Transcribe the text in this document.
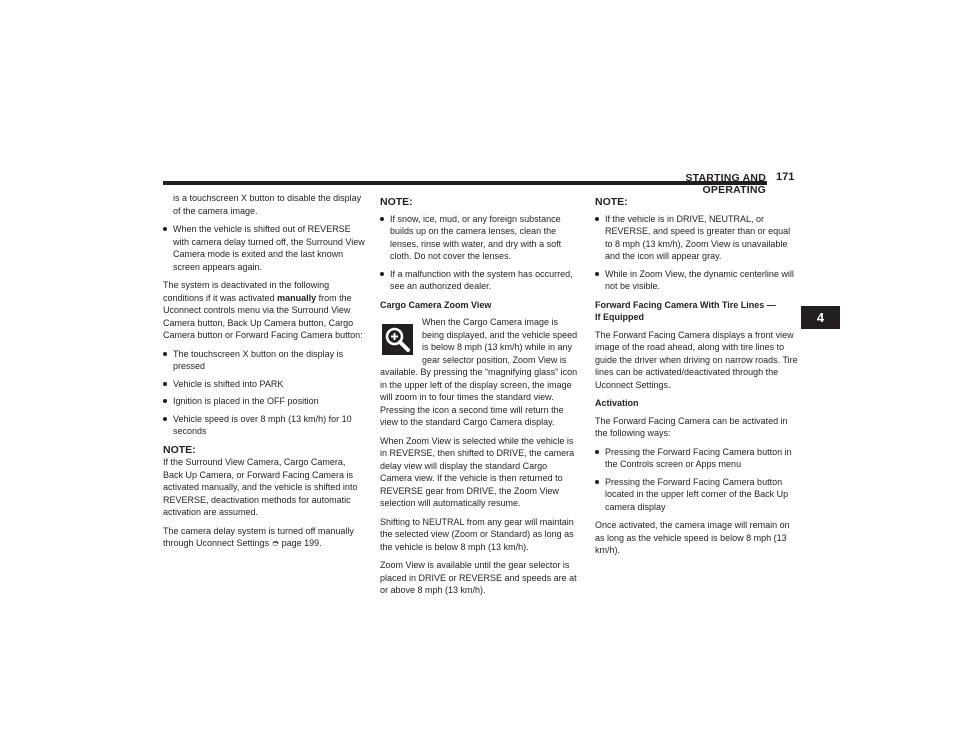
STARTING AND OPERATING
171
4

is a touchscreen X button to disable the display of the camera image.

When the vehicle is shifted out of REVERSE with camera delay turned off, the Surround View Camera mode is exited and the last known screen appears again.

The system is deactivated in the following conditions if it was activated manually from the Uconnect controls menu via the Surround View Camera button, Back Up Camera button, Cargo Camera button or Forward Facing Camera button:

The touchscreen X button on the display is pressed
Vehicle is shifted into PARK
Ignition is placed in the OFF position
Vehicle speed is over 8 mph (13 km/h) for 10 seconds
NOTE:

If the Surround View Camera, Cargo Camera, Back Up Camera, or Forward Facing Camera is activated manually, and the vehicle is shifted into REVERSE, deactivation methods for automatic activation are assumed.

The camera delay system is turned off manually through Uconnect Settings ➮ page 199.

NOTE:
If snow, ice, mud, or any foreign substance builds up on the camera lenses, clean the lenses, rinse with water, and dry with a soft cloth. Do not cover the lenses.
If a malfunction with the system has occurred, see an authorized dealer.
Cargo Camera Zoom View

When the Cargo Camera image is being displayed, and the vehicle speed is below 8 mph (13 km/h) while in any gear selector position, Zoom View is available. By pressing the “magnifying glass” icon in the upper left of the display screen, the image will zoom in to four times the standard view. Pressing the icon a second time will return the view to the standard Cargo Camera display.

When Zoom View is selected while the vehicle is in REVERSE, then shifted to DRIVE, the camera delay view will display the standard Cargo Camera view. If the vehicle is then returned to REVERSE gear from DRIVE, the Zoom View selection will automatically resume.

Shifting to NEUTRAL from any gear will maintain the selected view (Zoom or Standard) as long as the vehicle is below 8 mph (13 km/h).

Zoom View is available until the gear selector is placed in DRIVE or REVERSE and speeds are at or above 8 mph (13 km/h).

NOTE:
If the vehicle is in DRIVE, NEUTRAL, or REVERSE, and speed is greater than or equal to 8 mph (13 km/h), Zoom View is unavailable and the icon will appear gray.
While in Zoom View, the dynamic centerline will not be visible.
Forward Facing Camera With Tire Lines —
If Equipped

The Forward Facing Camera displays a front view image of the road ahead, along with tire lines to guide the driver when driving on narrow roads. Tire lines can be activated/deactivated through the Uconnect Settings.

Activation

The Forward Facing Camera can be activated in the following ways:

Pressing the Forward Facing Camera button in the Controls screen or Apps menu
Pressing the Forward Facing Camera button located in the upper left corner of the Back Up camera display

Once activated, the camera image will remain on as long as the vehicle speed is below 8 mph (13 km/h).
